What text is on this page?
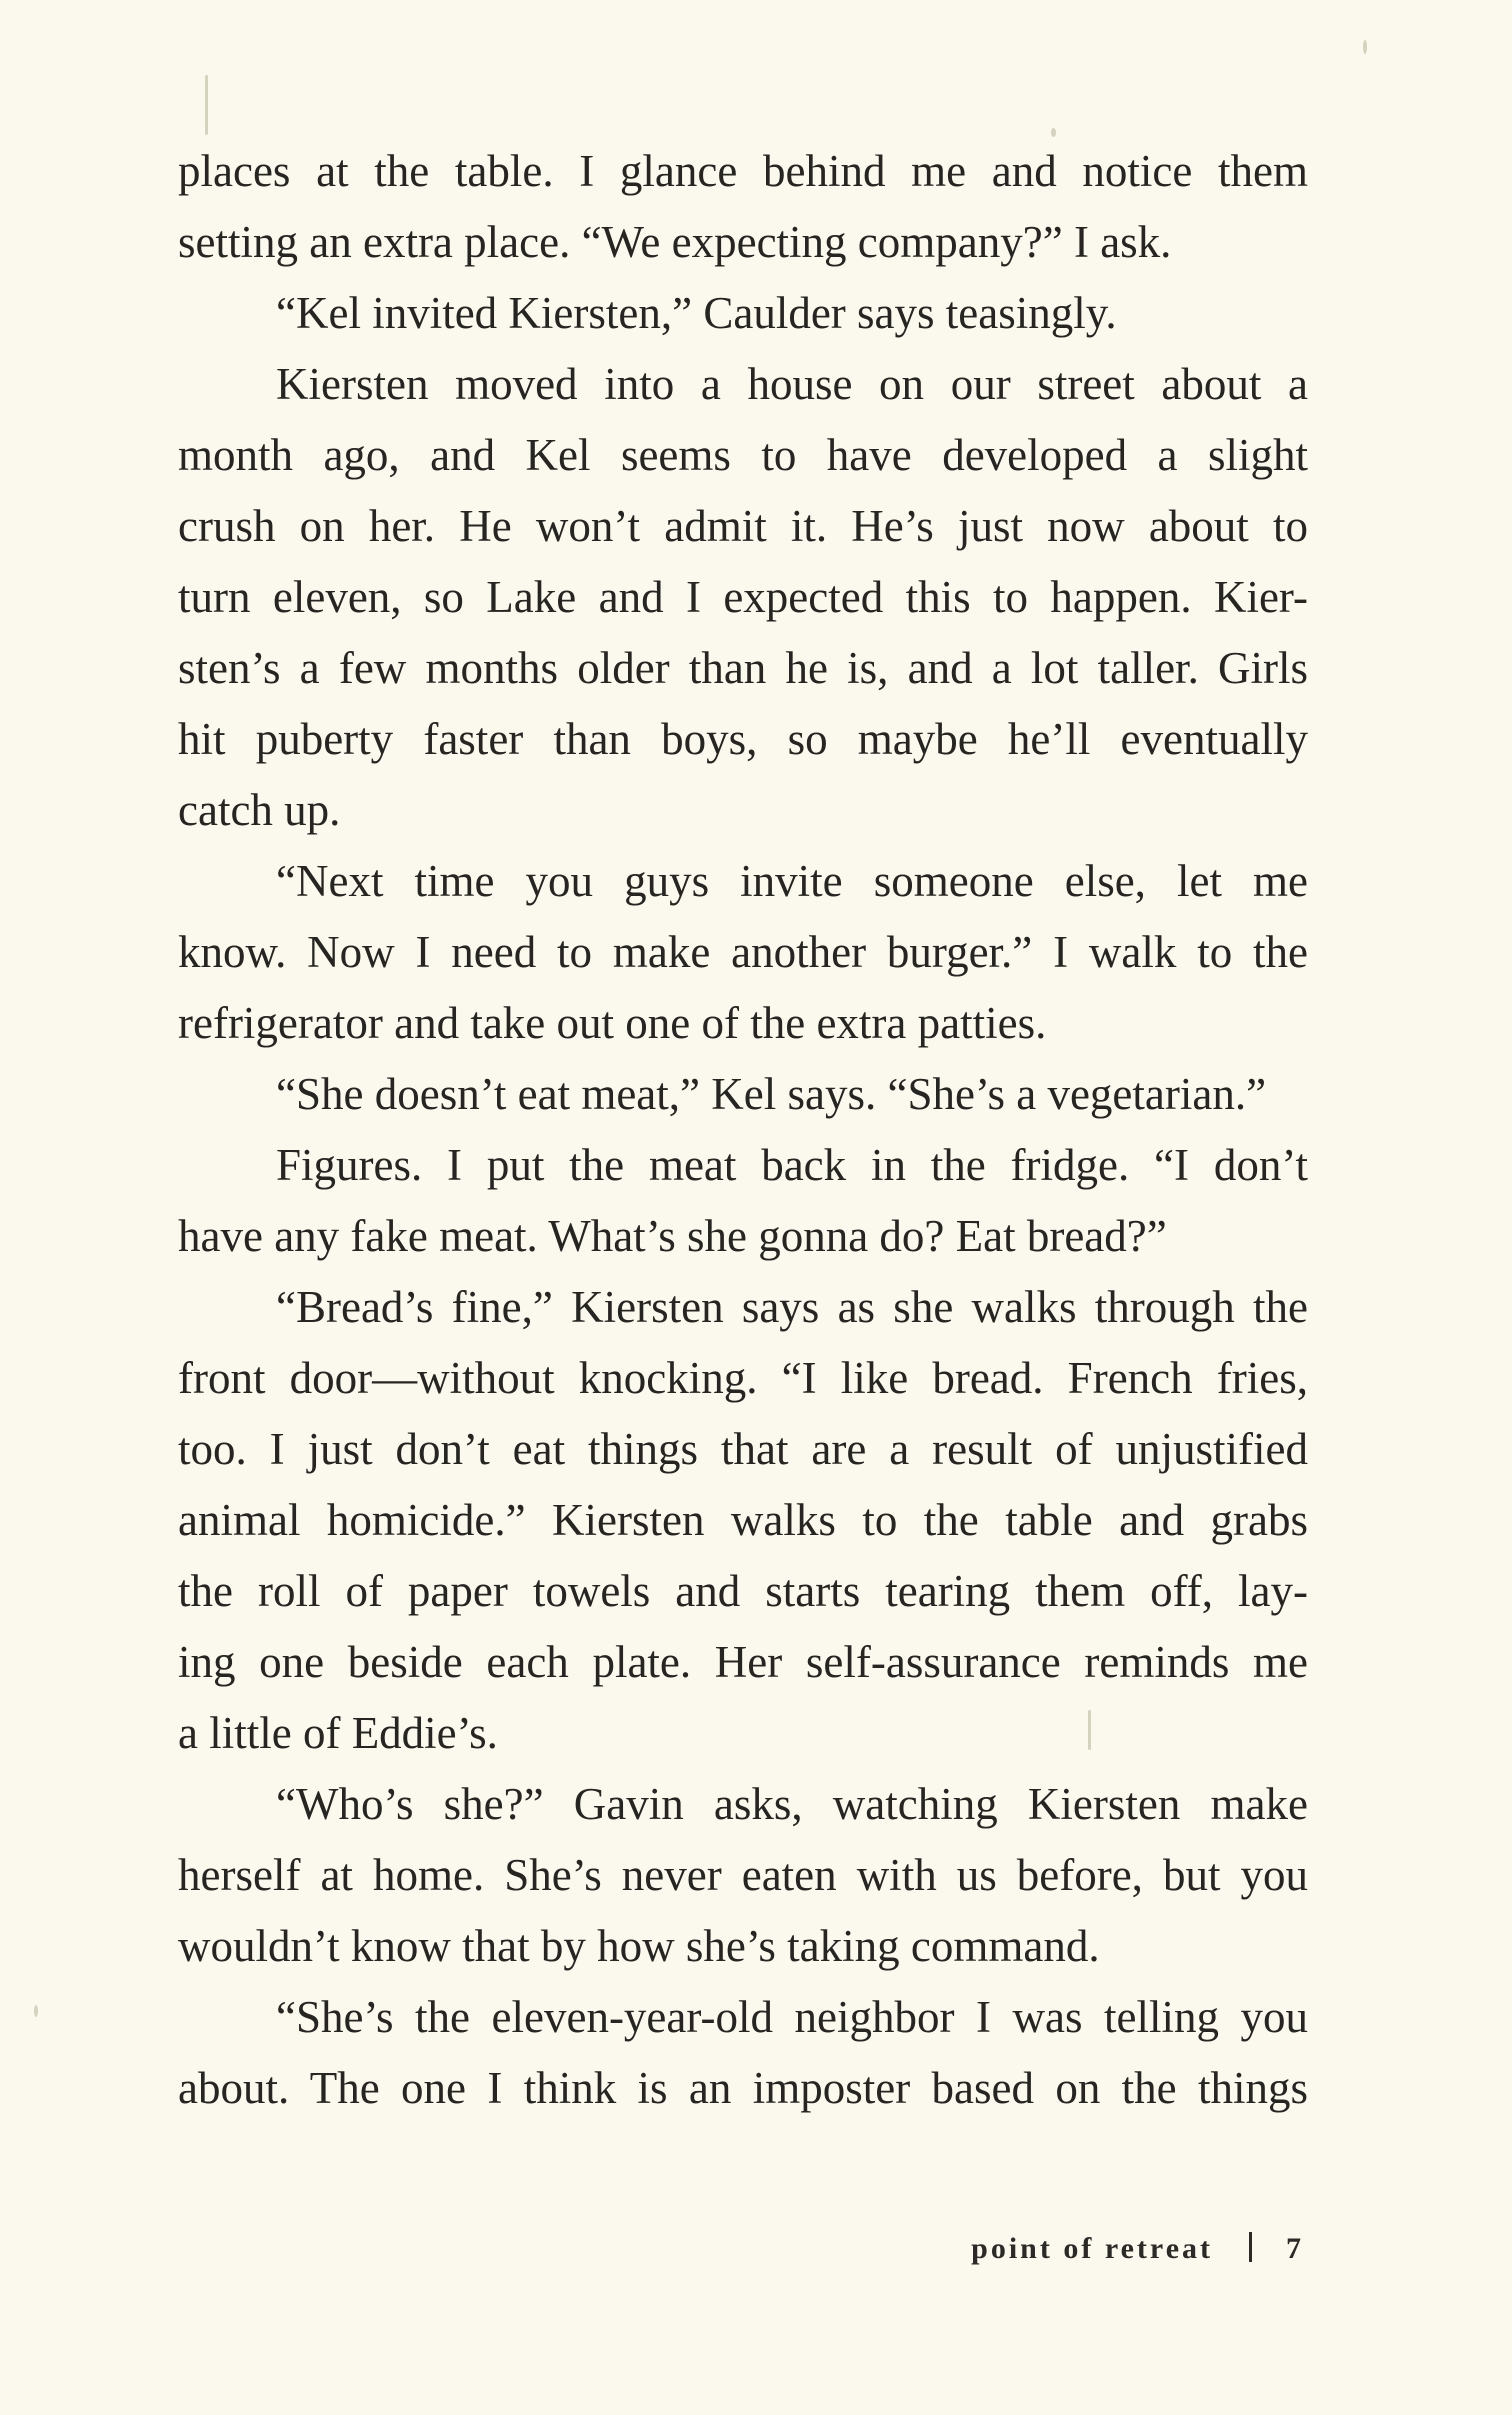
places at the table. I glance behind me and notice them
setting an extra place. “We expecting company?” I ask.
“Kel invited Kiersten,” Caulder says teasingly.
Kiersten moved into a house on our street about a
month ago, and Kel seems to have developed a slight
crush on her. He won’t admit it. He’s just now about to
turn eleven, so Lake and I expected this to happen. Kier-
sten’s a few months older than he is, and a lot taller. Girls
hit puberty faster than boys, so maybe he’ll eventually
catch up.
“Next time you guys invite someone else, let me
know. Now I need to make another burger.” I walk to the
refrigerator and take out one of the extra patties.
“She doesn’t eat meat,” Kel says. “She’s a vegetarian.”
Figures. I put the meat back in the fridge. “I don’t
have any fake meat. What’s she gonna do? Eat bread?”
“Bread’s fine,” Kiersten says as she walks through the
front door—without knocking. “I like bread. French fries,
too. I just don’t eat things that are a result of unjustified
animal homicide.” Kiersten walks to the table and grabs
the roll of paper towels and starts tearing them off, lay-
ing one beside each plate. Her self-assurance reminds me
a little of Eddie’s.
“Who’s she?” Gavin asks, watching Kiersten make
herself at home. She’s never eaten with us before, but you
wouldn’t know that by how she’s taking command.
“She’s the eleven-year-old neighbor I was telling you
about. The one I think is an imposter based on the things
point of retreat 7
